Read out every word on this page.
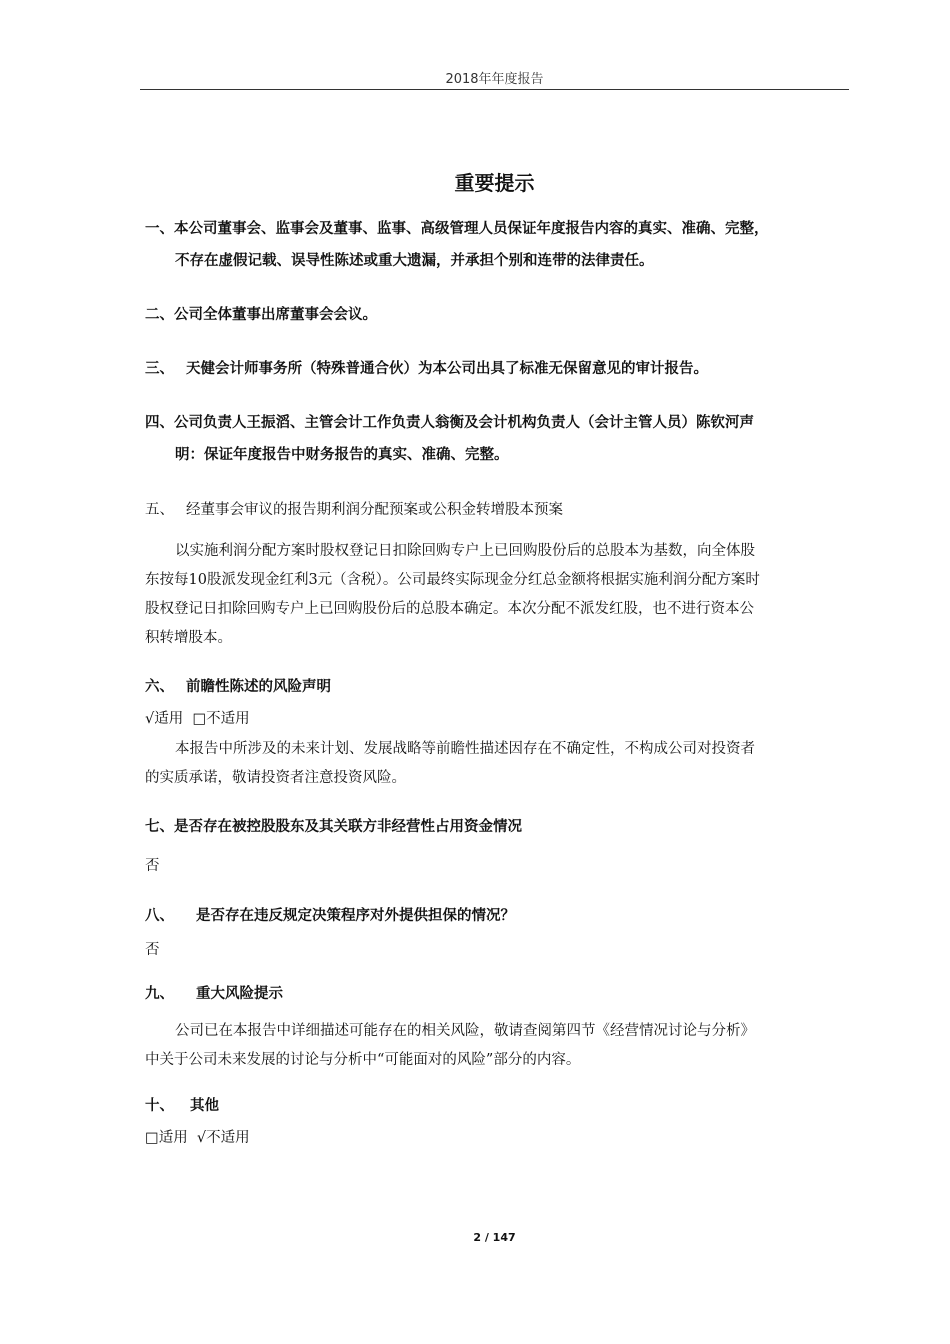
2018年年度报告
重要提示
一、本公司董事会、监事会及董事、监事、高级管理人员保证年度报告内容的真实、准确、完整，
不存在虚假记载、误导性陈述或重大遗漏，并承担个别和连带的法律责任。
二、公司全体董事出席董事会会议。
三、 天健会计师事务所（特殊普通合伙）为本公司出具了标准无保留意见的审计报告。
四、公司负责人王振滔、主管会计工作负责人翁衡及会计机构负责人（会计主管人员）陈钦河声
明：保证年度报告中财务报告的真实、准确、完整。
五、 经董事会审议的报告期利润分配预案或公积金转增股本预案
以实施利润分配方案时股权登记日扣除回购专户上已回购股份后的总股本为基数，向全体股
东按每10股派发现金红利3元（含税）。公司最终实际现金分红总金额将根据实施利润分配方案时
股权登记日扣除回购专户上已回购股份后的总股本确定。本次分配不派发红股，也不进行资本公
积转增股本。
六、 前瞻性陈述的风险声明
√适用  □不适用
本报告中所涉及的未来计划、发展战略等前瞻性描述因存在不确定性，不构成公司对投资者
的实质承诺，敬请投资者注意投资风险。
七、是否存在被控股股东及其关联方非经营性占用资金情况
否
八、 是否存在违反规定决策程序对外提供担保的情况？
否
九、 重大风险提示
公司已在本报告中详细描述可能存在的相关风险，敬请查阅第四节《经营情况讨论与分析》
中关于公司未来发展的讨论与分析中“可能面对的风险”部分的内容。
十、 其他
□适用  √不适用
2 / 147
